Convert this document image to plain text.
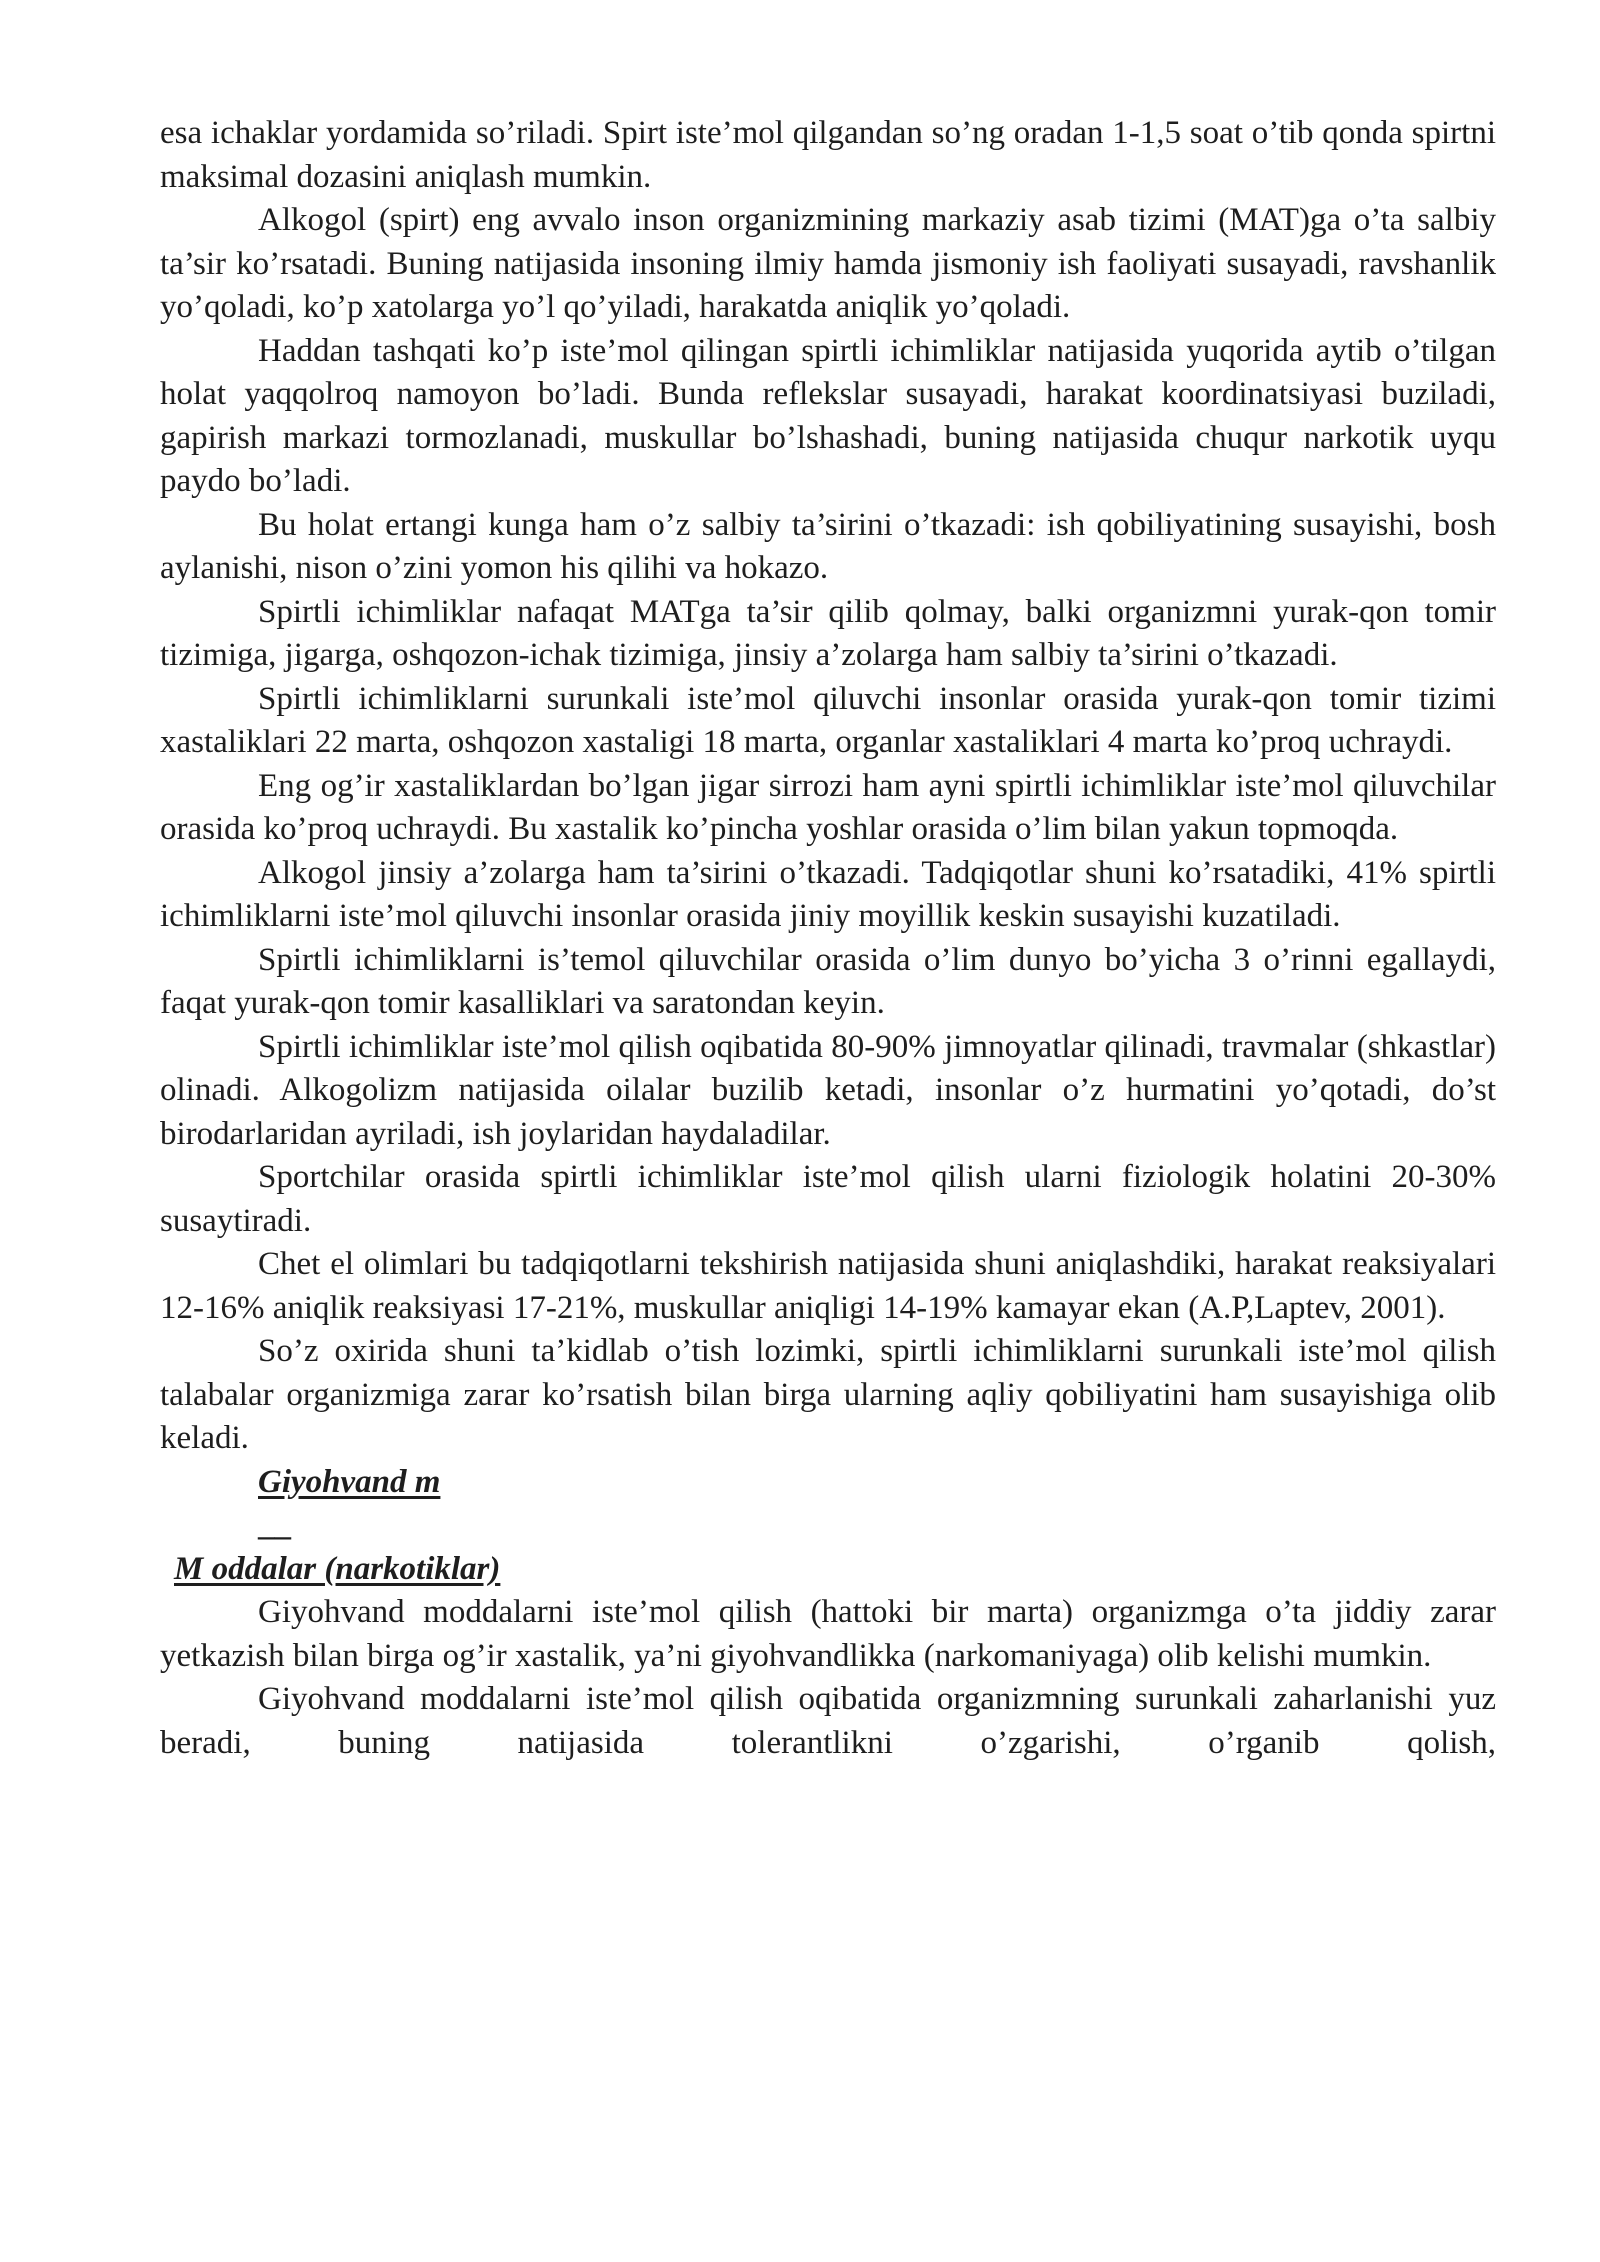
esa ichaklar yordamida so’riladi. Spirt iste’mol qilgandan so’ng oradan 1-1,5 soat o’tib qonda spirtni maksimal dozasini aniqlash mumkin.

Alkogol (spirt) eng avvalo inson organizmining markaziy asab tizimi (MAT)ga o’ta salbiy ta’sir ko’rsatadi. Buning natijasida insoning ilmiy hamda jismoniy ish faoliyati susayadi, ravshanlik yo’qoladi, ko’p xatolarga yo’l qo’yiladi, harakatda aniqlik yo’qoladi.

Haddan tashqati ko’p iste’mol qilingan spirtli ichimliklar natijasida yuqorida aytib o’tilgan holat yaqqolroq namoyon bo’ladi. Bunda reflekslar susayadi, harakat koordinatsiyasi buziladi, gapirish markazi tormozlanadi, muskullar bo’lshashadi, buning natijasida chuqur narkotik uyqu paydo bo’ladi.

Bu holat ertangi kunga ham o’z salbiy ta’sirini o’tkazadi: ish qobiliyatining susayishi, bosh aylanishi, nison o’zini yomon his qilihi va hokazo.

Spirtli ichimliklar nafaqat MATga ta’sir qilib qolmay, balki organizmni yurak-qon tomir tizimiga, jigarga, oshqozon-ichak tizimiga, jinsiy a’zolarga ham salbiy ta’sirini o’tkazadi.

Spirtli ichimliklarni surunkali iste’mol qiluvchi insonlar orasida yurak-qon tomir tizimi xastaliklari 22 marta, oshqozon xastaligi 18 marta, organlar xastaliklari 4 marta ko’proq uchraydi.

Eng og’ir xastaliklardan bo’lgan jigar sirrozi ham ayni spirtli ichimliklar iste’mol qiluvchilar orasida ko’proq uchraydi. Bu xastalik ko’pincha yoshlar orasida o’lim bilan yakun topmoqda.

Alkogol jinsiy a’zolarga ham ta’sirini o’tkazadi. Tadqiqotlar shuni ko’rsatadiki, 41% spirtli ichimliklarni iste’mol qiluvchi insonlar orasida jiniy moyillik keskin susayishi kuzatiladi.

Spirtli ichimliklarni is’temol qiluvchilar orasida o’lim dunyo bo’yicha 3 o’rinni egallaydi, faqat yurak-qon tomir kasalliklari va saratondan keyin.

Spirtli ichimliklar iste’mol qilish oqibatida 80-90% jimnoyatlar qilinadi, travmalar (shkastlar) olinadi. Alkogolizm natijasida oilalar buzilib ketadi, insonlar o’z hurmatini yo’qotadi, do’st birodarlaridan ayriladi, ish joylaridan haydaladilar.

Sportchilar orasida spirtli ichimliklar iste’mol qilish ularni fiziologik holatini 20-30% susaytiradi.

Chet el olimlari bu tadqiqotlarni tekshirish natijasida shuni aniqlashdiki, harakat reaksiyalari 12-16% aniqlik reaksiyasi 17-21%, muskullar aniqligi 14-19% kamayar ekan (A.P,Laptev, 2001).

So’z oxirida shuni ta’kidlab o’tish lozimki, spirtli ichimliklarni surunkali iste’mol qilish talabalar organizmiga zarar ko’rsatish bilan birga ularning aqliy qobiliyatini ham susayishiga olib keladi.

Giyohvand m
__
M oddalar (narkotiklar)

Giyohvand moddalarni iste’mol qilish (hattoki bir marta) organizmga o’ta jiddiy zarar yetkazish bilan birga og’ir xastalik, ya’ni giyohvandlikka (narkomaniyaga) olib kelishi mumkin.

Giyohvand moddalarni iste’mol qilish oqibatida organizmning surunkali zaharlanishi yuz beradi, buning natijasida tolerantlikni o’zgarishi, o’rganib qolish,
